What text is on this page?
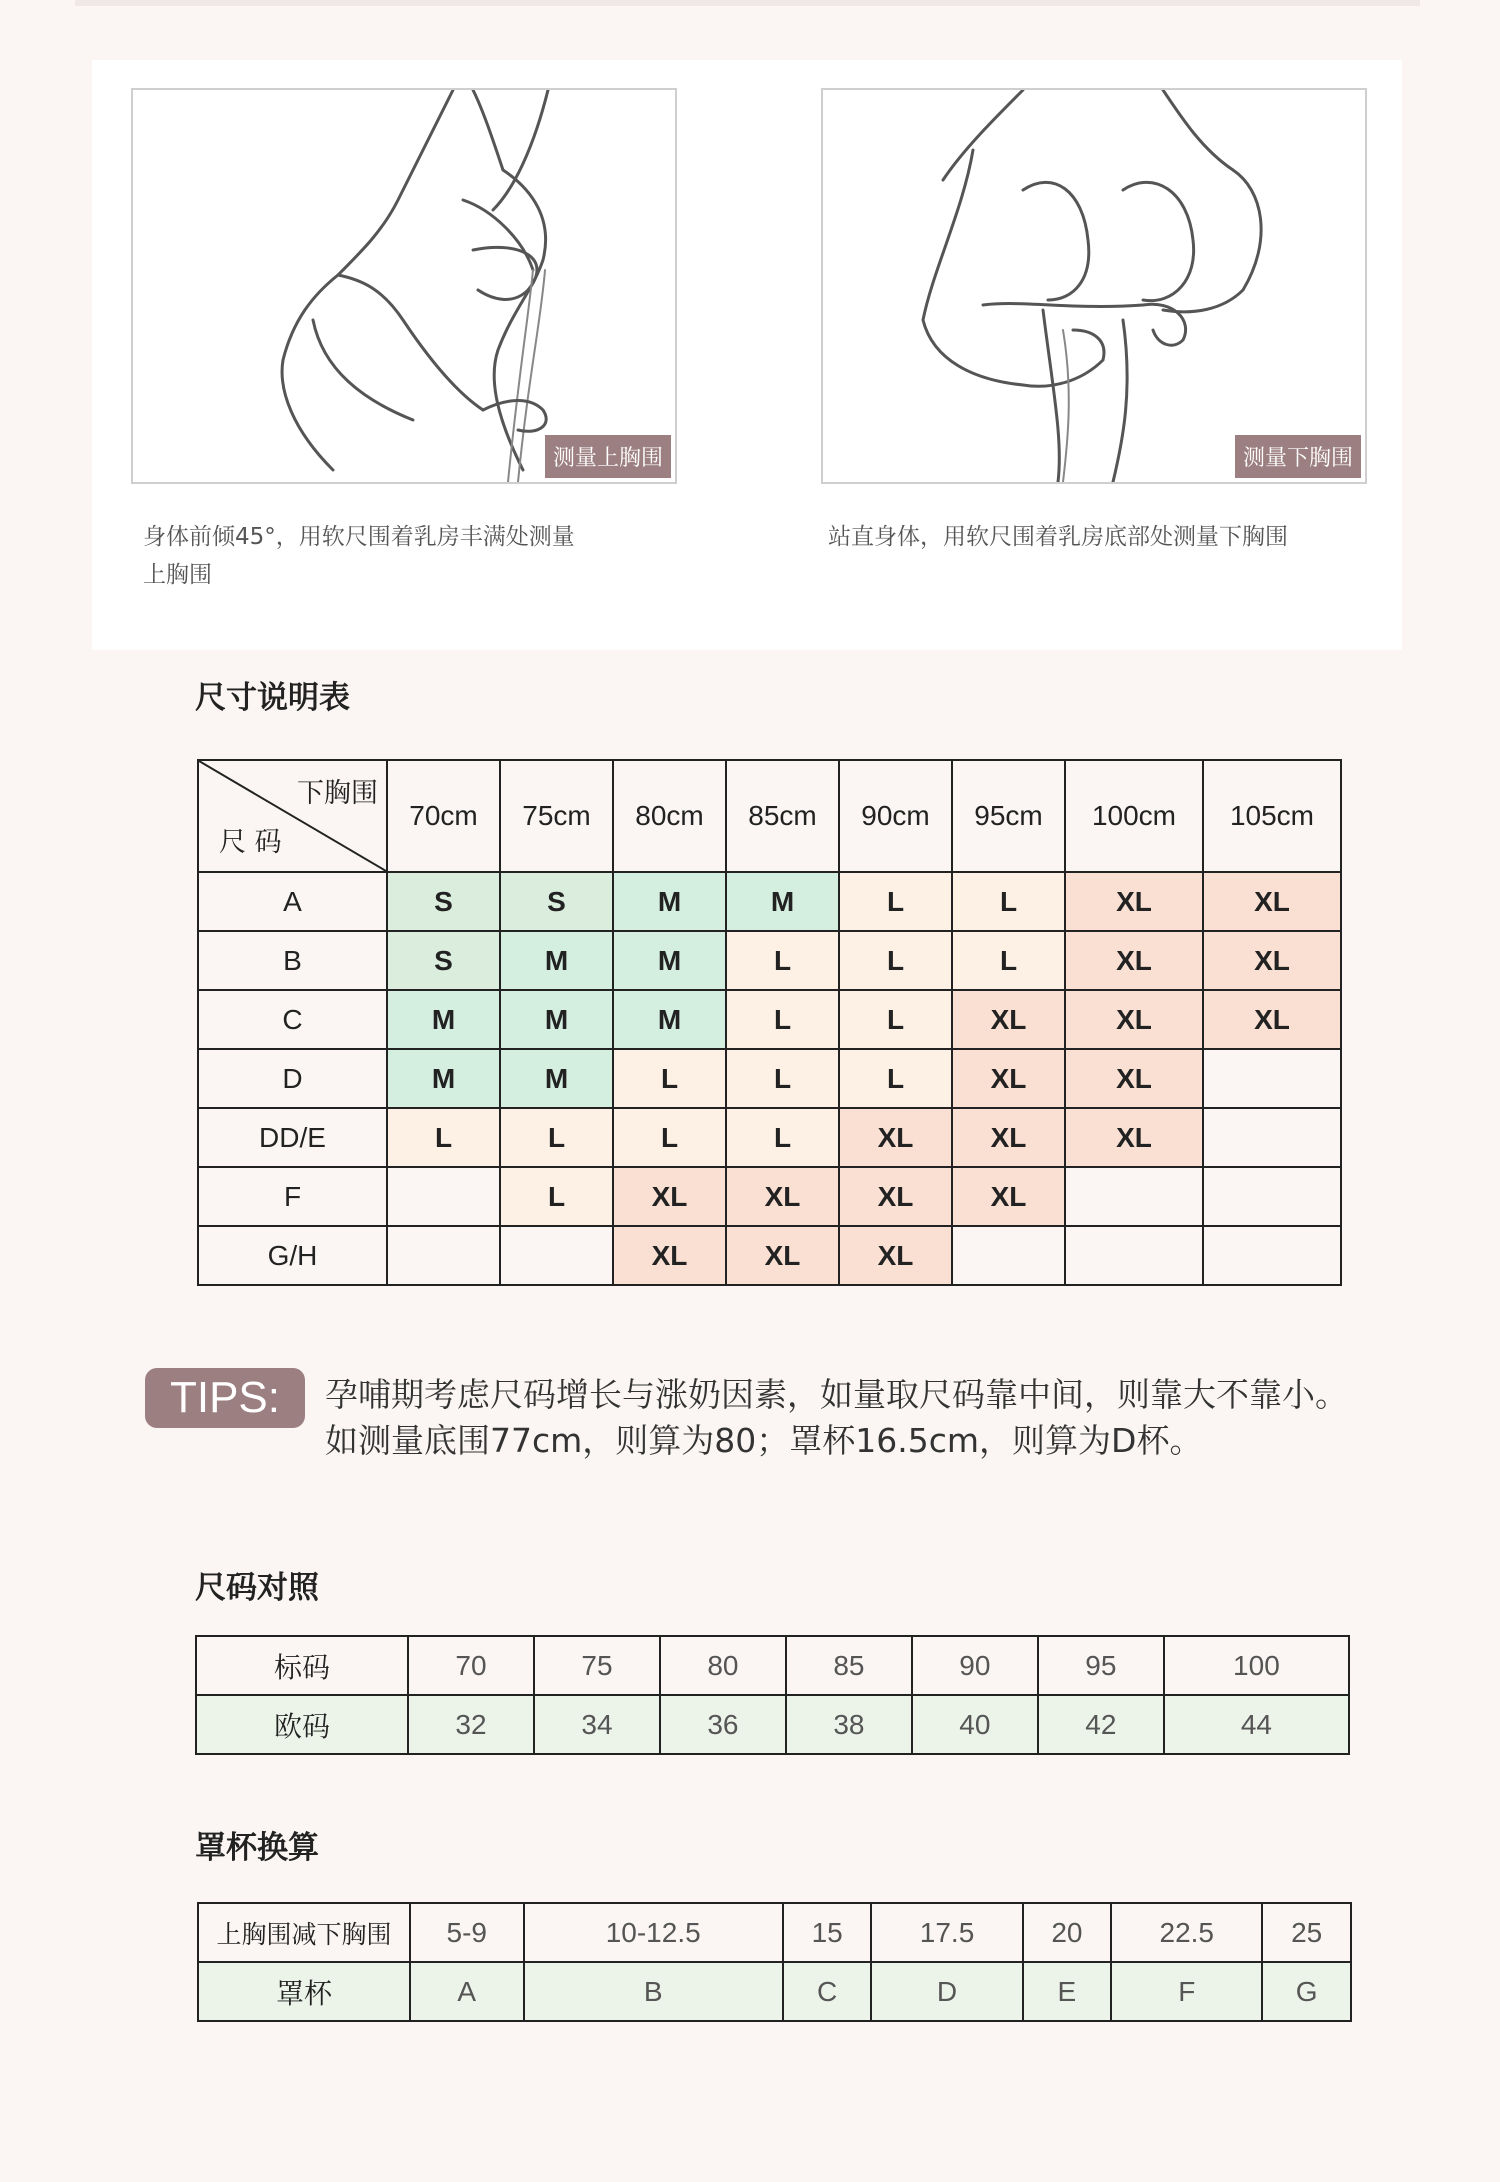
测量上胸围	测量下胸围
身体前倾45°，用软尺围着乳房丰满处测量
上胸围
站直身体，用软尺围着乳房底部处测量下胸围
尺寸说明表
下胸围
尺 码	70cm	75cm	80cm	85cm	90cm	95cm	100cm	105cm
A	S	S	M	M	L	L	XL	XL
B	S	M	M	L	L	L	XL	XL
C	M	M	M	L	L	XL	XL	XL
D	M	M	L	L	L	XL	XL	
DD/E	L	L	L	L	XL	XL	XL	
F		L	XL	XL	XL	XL		
G/H			XL	XL	XL			
TIPS:	孕哺期考虑尺码增长与涨奶因素，如量取尺码靠中间，则靠大不靠小。
如测量底围77cm，则算为80；罩杯16.5cm，则算为D杯。
尺码对照
标码	70	75	80	85	90	95	100
欧码	32	34	36	38	40	42	44
罩杯换算
上胸围减下胸围	5-9	10-12.5	15	17.5	20	22.5	25
罩杯	A	B	C	D	E	F	G
